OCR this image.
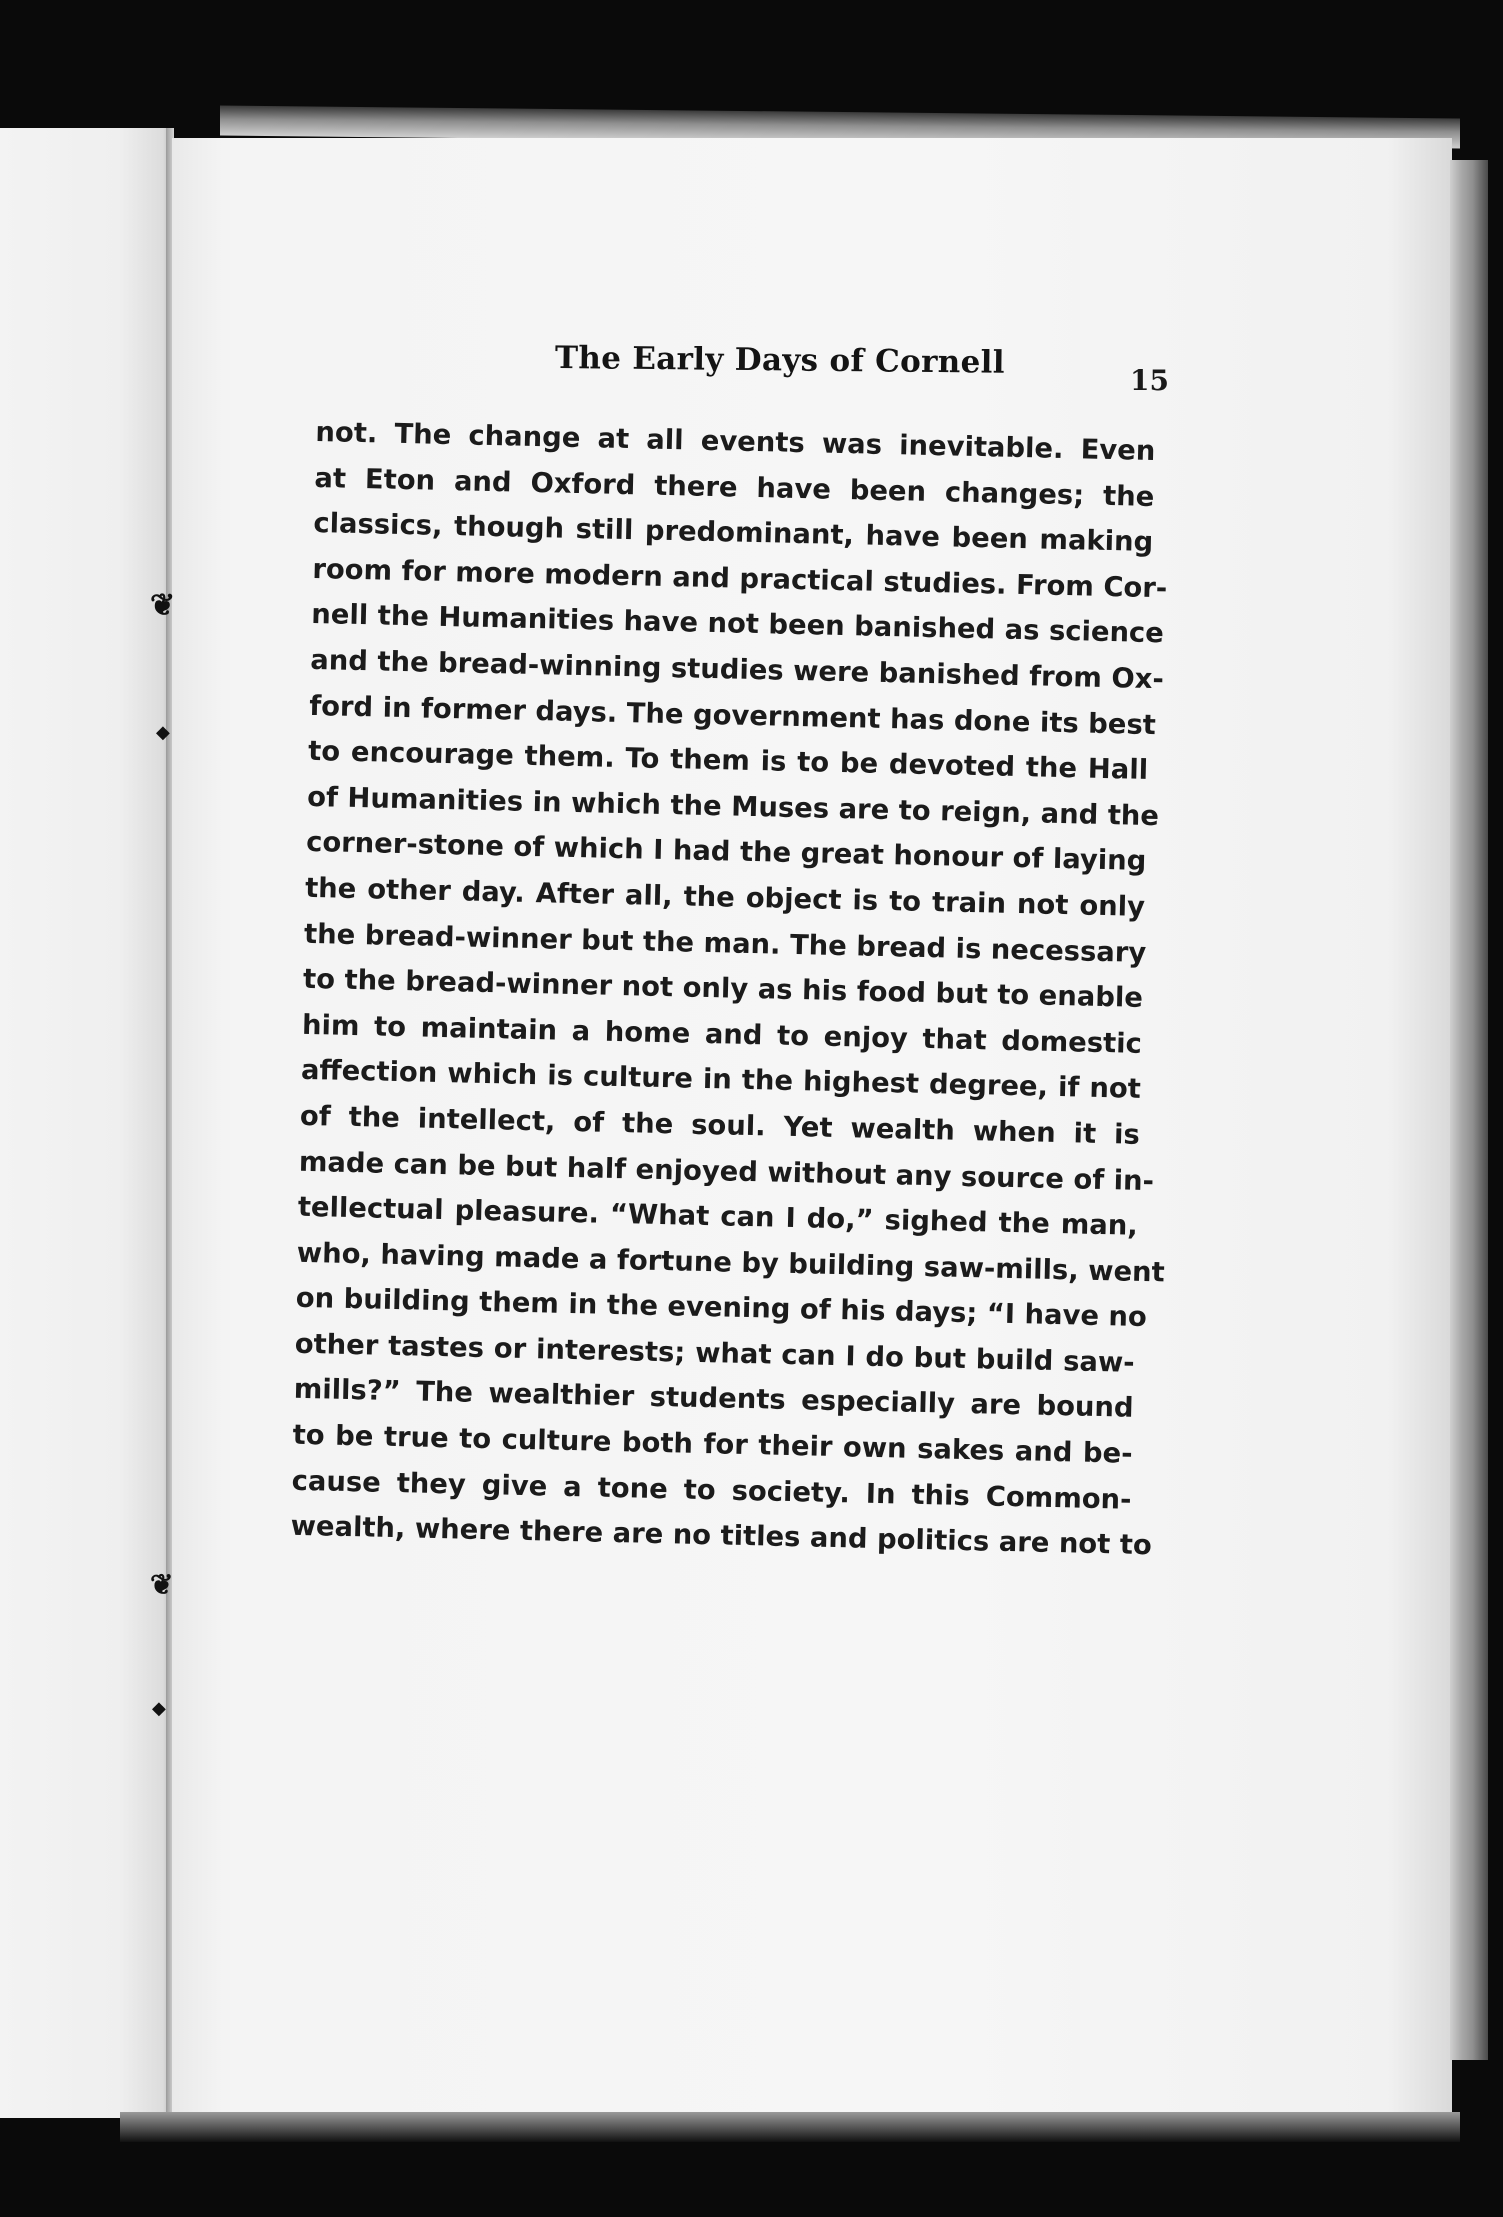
❦
◆
❦
◆
The Early Days of Cornell	15
not. The change at all events was inevitable. Even
at Eton and Oxford there have been changes; the
classics, though still predominant, have been making
room for more modern and practical studies. From Cor-
nell the Humanities have not been banished as science
and the bread-winning studies were banished from Ox-
ford in former days. The government has done its best
to encourage them. To them is to be devoted the Hall
of Humanities in which the Muses are to reign, and the
corner-stone of which I had the great honour of laying
the other day. After all, the object is to train not only
the bread-winner but the man. The bread is necessary
to the bread-winner not only as his food but to enable
him to maintain a home and to enjoy that domestic
affection which is culture in the highest degree, if not
of the intellect, of the soul. Yet wealth when it is
made can be but half enjoyed without any source of in-
tellectual pleasure. “What can I do,” sighed the man,
who, having made a fortune by building saw-mills, went
on building them in the evening of his days; “I have no
other tastes or interests; what can I do but build saw-
mills?” The wealthier students especially are bound
to be true to culture both for their own sakes and be-
cause they give a tone to society. In this Common-
wealth, where there are no titles and politics are not to
